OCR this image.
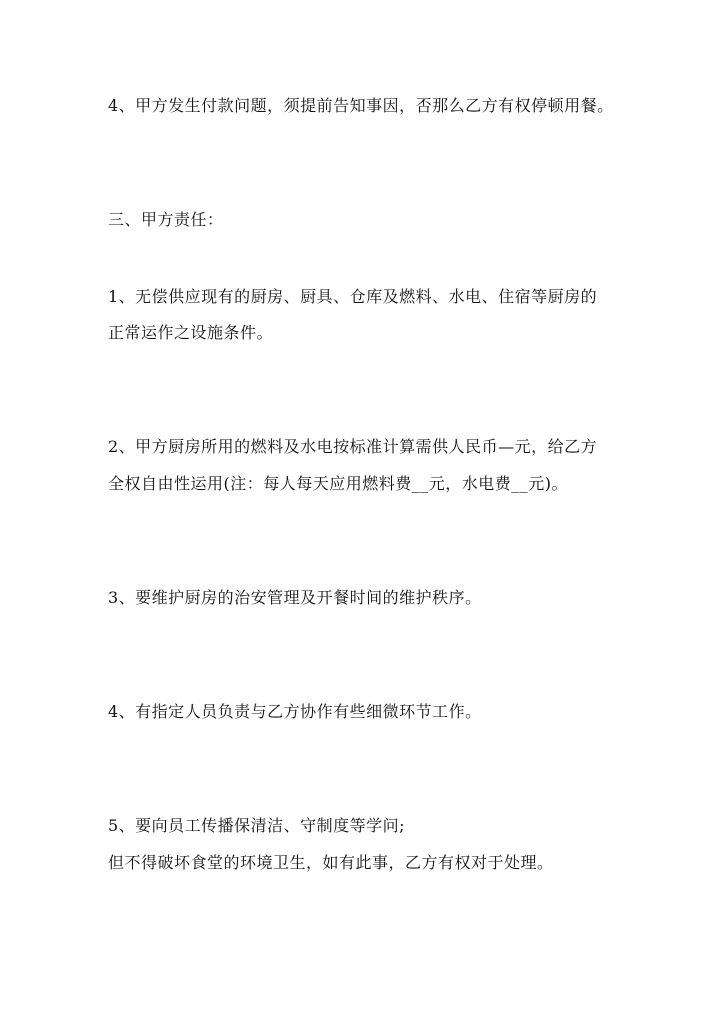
4、甲方发生付款问题，须提前告知事因，否那么乙方有权停顿用餐。
三、甲方责任：
1、无偿供应现有的厨房、厨具、仓库及燃料、水电、住宿等厨房的
正常运作之设施条件。
2、甲方厨房所用的燃料及水电按标准计算需供人民币—元，给乙方
全权自由性运用(注：每人每天应用燃料费__元，水电费__元)。
3、要维护厨房的治安管理及开餐时间的维护秩序。
4、有指定人员负责与乙方协作有些细微环节工作。
5、要向员工传播保清洁、守制度等学问;
但不得破坏食堂的环境卫生，如有此事，乙方有权对于处理。
